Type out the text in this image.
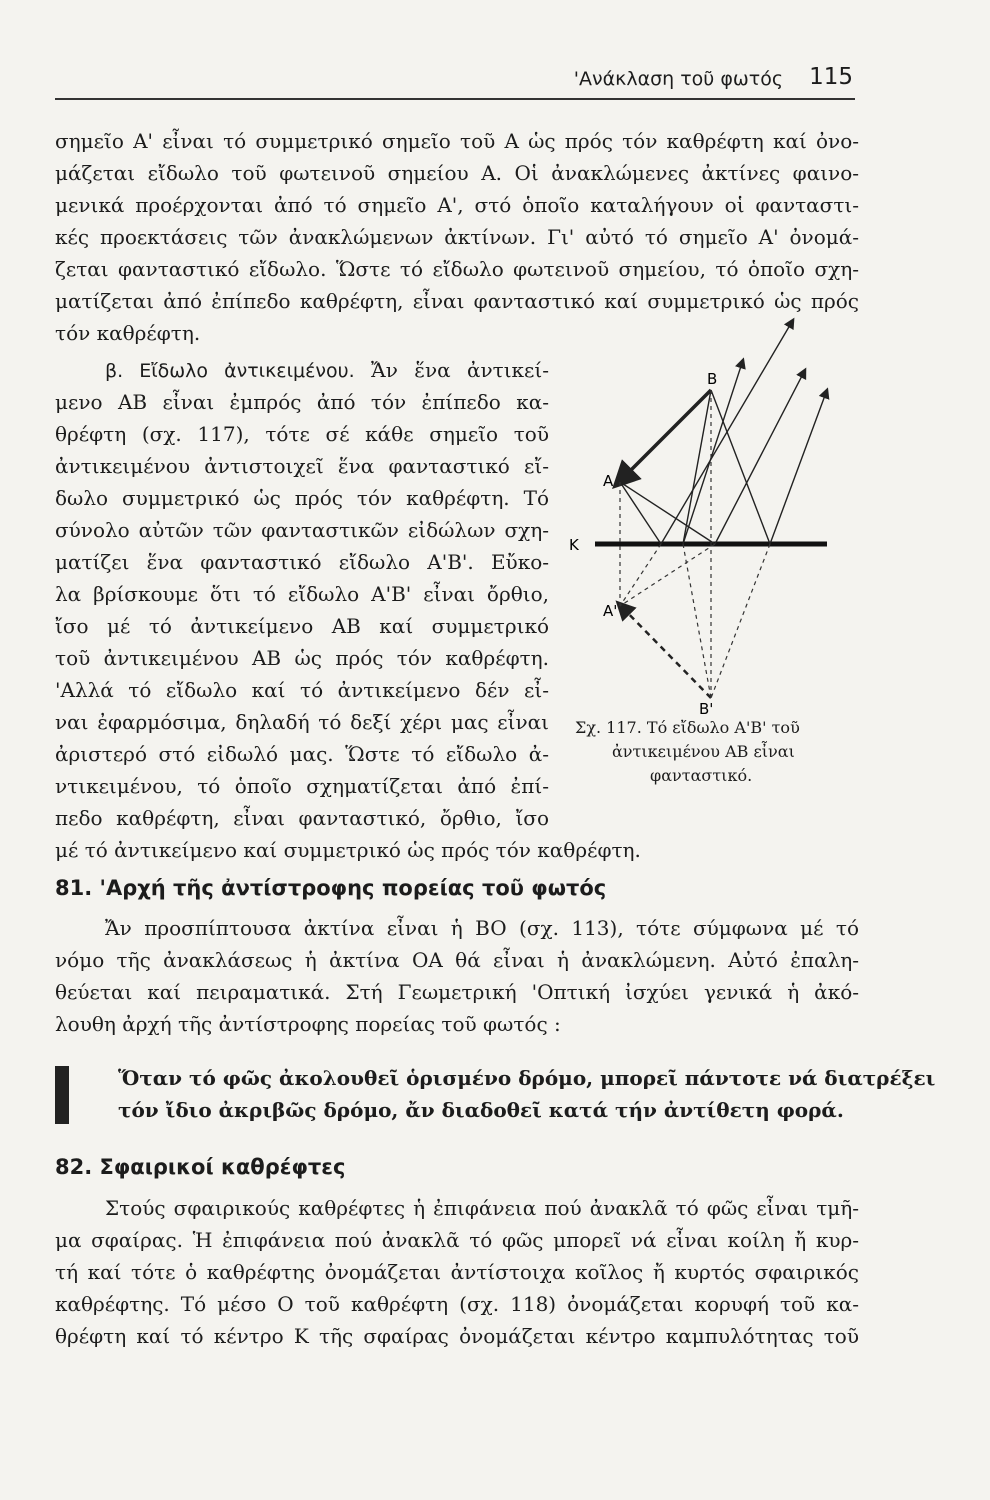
'Ανάκλαση τοῦ φωτός 115
σημεῖο A' εἶναι τό συμμετρικό σημεῖο τοῦ A ὡς πρός τόν καθρέφτη καί ὀνο-
μάζεται εἴδωλο τοῦ φωτεινοῦ σημείου A. Οἱ ἀνακλώμενες ἀκτίνες φαινο-
μενικά προέρχονται ἀπό τό σημεῖο A', στό ὁποῖο καταλήγουν οἱ φανταστι-
κές προεκτάσεις τῶν ἀνακλώμενων ἀκτίνων. Γι' αὐτό τό σημεῖο A' ὀνομά-
ζεται φανταστικό εἴδωλο. Ὥστε τό εἴδωλο φωτεινοῦ σημείου, τό ὁποῖο σχη-
ματίζεται ἀπό ἐπίπεδο καθρέφτη, εἶναι φανταστικό καί συμμετρικό ὡς πρός
τόν καθρέφτη.
β. Εἴδωλο ἀντικειμένου. Ἄν ἕνα ἀντικεί-
μενο AB εἶναι ἐμπρός ἀπό τόν ἐπίπεδο κα-
θρέφτη (σχ. 117), τότε σέ κάθε σημεῖο τοῦ
ἀντικειμένου ἀντιστοιχεῖ ἕνα φανταστικό εἴ-
δωλο συμμετρικό ὡς πρός τόν καθρέφτη. Τό
σύνολο αὐτῶν τῶν φανταστικῶν εἰδώλων σχη-
ματίζει ἕνα φανταστικό εἴδωλο A'B'. Εὔκο-
λα βρίσκουμε ὅτι τό εἴδωλο A'B' εἶναι ὄρθιο,
ἴσο μέ τό ἀντικείμενο AB καί συμμετρικό
τοῦ ἀντικειμένου AB ὡς πρός τόν καθρέφτη.
'Αλλά τό εἴδωλο καί τό ἀντικείμενο δέν εἶ-
ναι ἐφαρμόσιμα, δηλαδή τό δεξί χέρι μας εἶναι
ἀριστερό στό εἰδωλό μας. Ὥστε τό εἴδωλο ἀ-
ντικειμένου, τό ὁποῖο σχηματίζεται ἀπό ἐπί-
πεδο καθρέφτη, εἶναι φανταστικό, ὄρθιο, ἴσο
μέ τό ἀντικείμενο καί συμμετρικό ὡς πρός τόν καθρέφτη.
B
A
K
A'
B'
Σχ. 117. Τό εἴδωλο A'B' τοῦ
ἀντικειμένου AB εἶναι
φανταστικό.
81. 'Αρχή τῆς ἀντίστροφης πορείας τοῦ φωτός
Ἄν προσπίπτουσα ἀκτίνα εἶναι ἡ BO (σχ. 113), τότε σύμφωνα μέ τό
νόμο τῆς ἀνακλάσεως ἡ ἀκτίνα OA θά εἶναι ἡ ἀνακλώμενη. Αὐτό ἐπαλη-
θεύεται καί πειραματικά. Στή Γεωμετρική 'Οπτική ἰσχύει γενικά ἡ ἀκό-
λουθη ἀρχή τῆς ἀντίστροφης πορείας τοῦ φωτός :
Ὅταν τό φῶς ἀκολουθεῖ ὁρισμένο δρόμο, μπορεῖ πάντοτε νά διατρέξει
τόν ἴδιο ἀκριβῶς δρόμο, ἄν διαδοθεῖ κατά τήν ἀντίθετη φορά.
82. Σφαιρικοί καθρέφτες
Στούς σφαιρικούς καθρέφτες ἡ ἐπιφάνεια πού ἀνακλᾶ τό φῶς εἶναι τμῆ-
μα σφαίρας. Ἡ ἐπιφάνεια πού ἀνακλᾶ τό φῶς μπορεῖ νά εἶναι κοίλη ἤ κυρ-
τή καί τότε ὁ καθρέφτης ὀνομάζεται ἀντίστοιχα κοῖλος ἤ κυρτός σφαιρικός
καθρέφτης. Τό μέσο O τοῦ καθρέφτη (σχ. 118) ὀνομάζεται κορυφή τοῦ κα-
θρέφτη καί τό κέντρο K τῆς σφαίρας ὀνομάζεται κέντρο καμπυλότητας τοῦ
